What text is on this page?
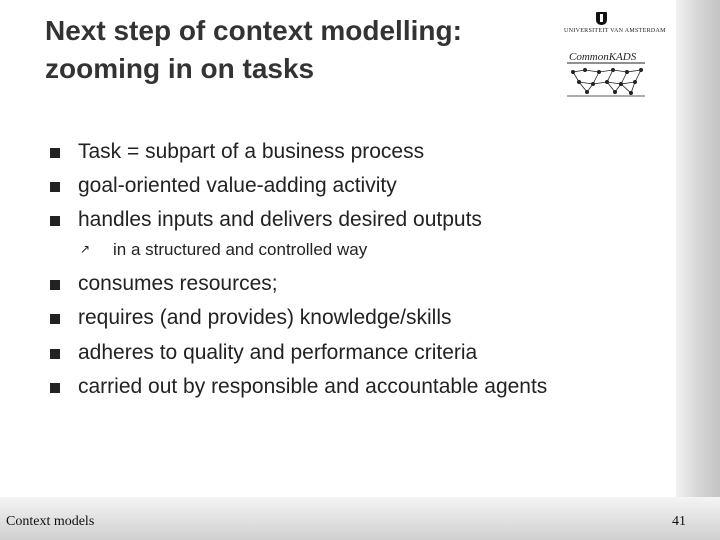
Next step of context modelling:
zooming in on tasks
UNIVERSITEIT VAN AMSTERDAM
CommonKADS
Task = subpart of a business process
goal-oriented value-adding activity
handles inputs and delivers desired outputs
↗ in a structured and controlled way
consumes resources;
requires (and provides) knowledge/skills
adheres to quality and performance criteria
carried out by responsible and accountable agents
Context models	41
